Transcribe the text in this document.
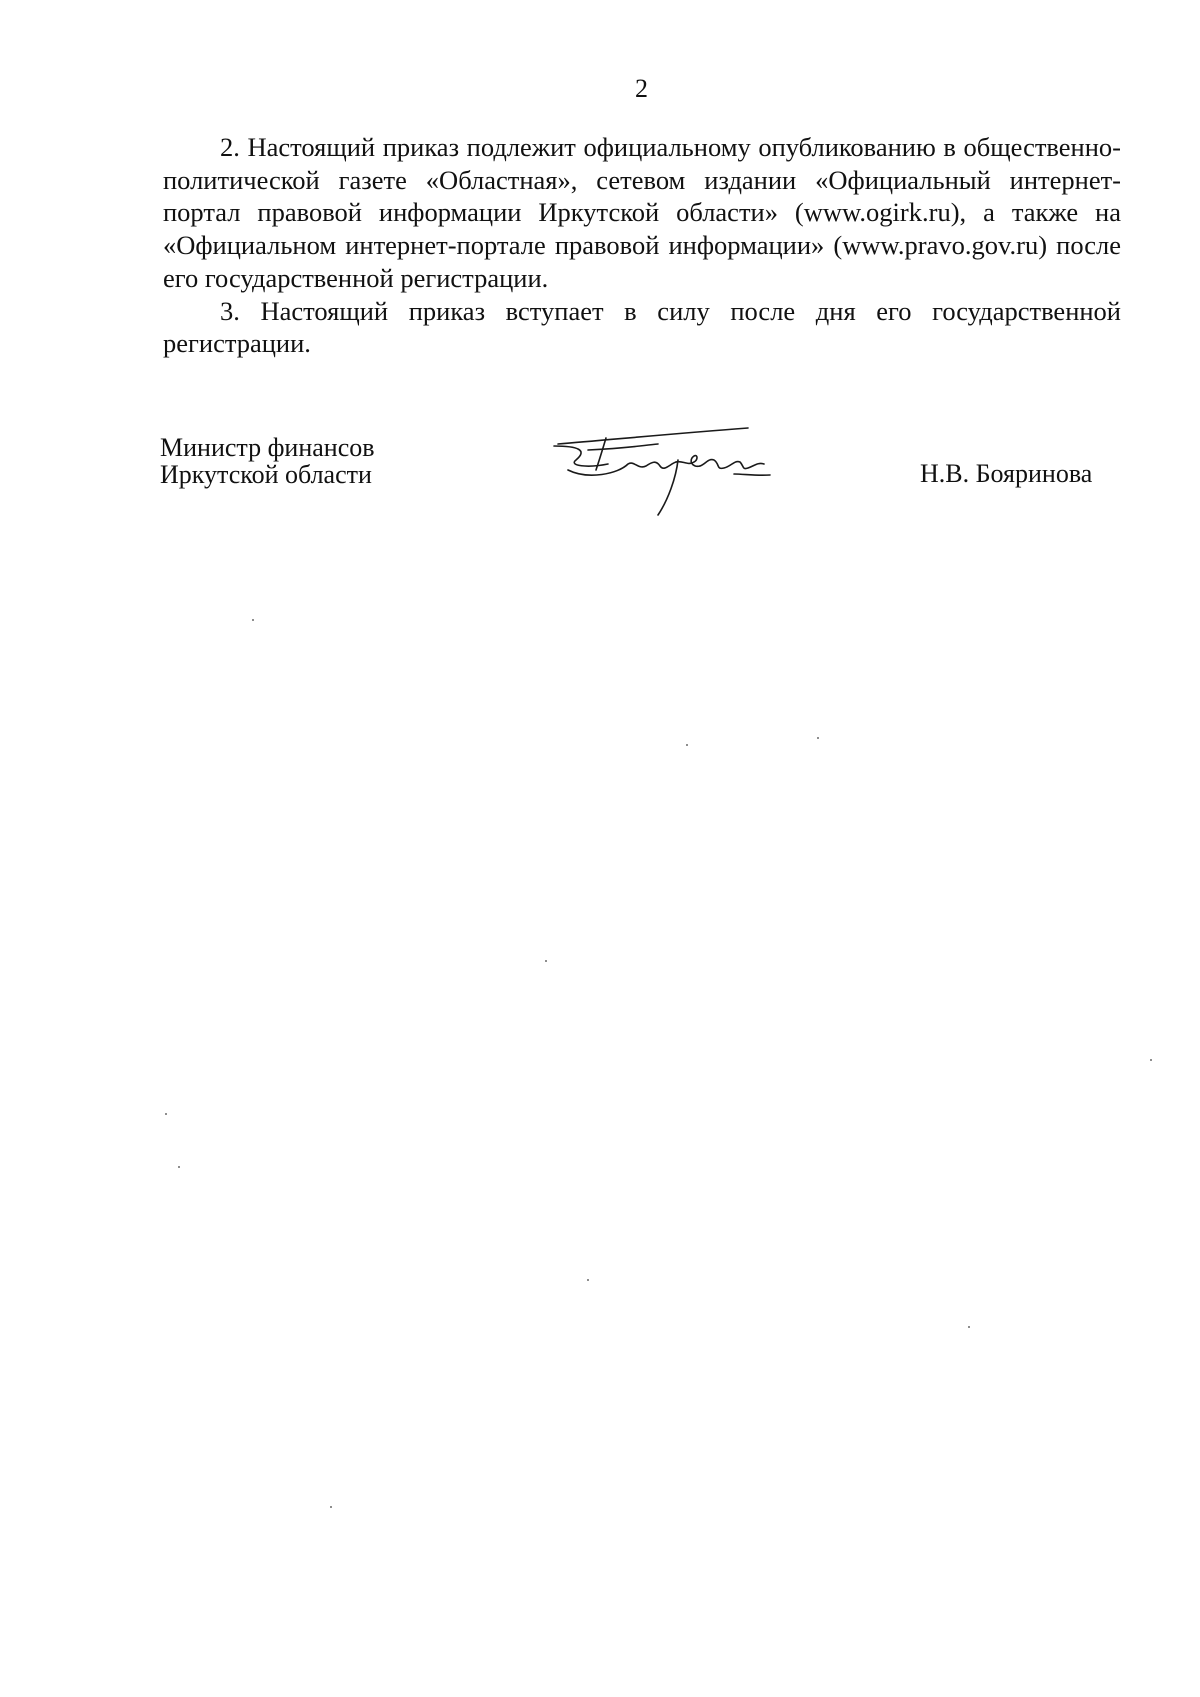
2

2. Настоящий приказ подлежит официальному опубликованию в общественно-политической газете «Областная», сетевом издании «Официальный интернет-портал правовой информации Иркутской области» (www.ogirk.ru), а также на «Официальном интернет-портале правовой информации» (www.pravo.gov.ru) после его государственной регистрации.

3. Настоящий приказ вступает в силу после дня его государственной регистрации.

Министр финансов
Иркутской области	Н.В. Бояринова
